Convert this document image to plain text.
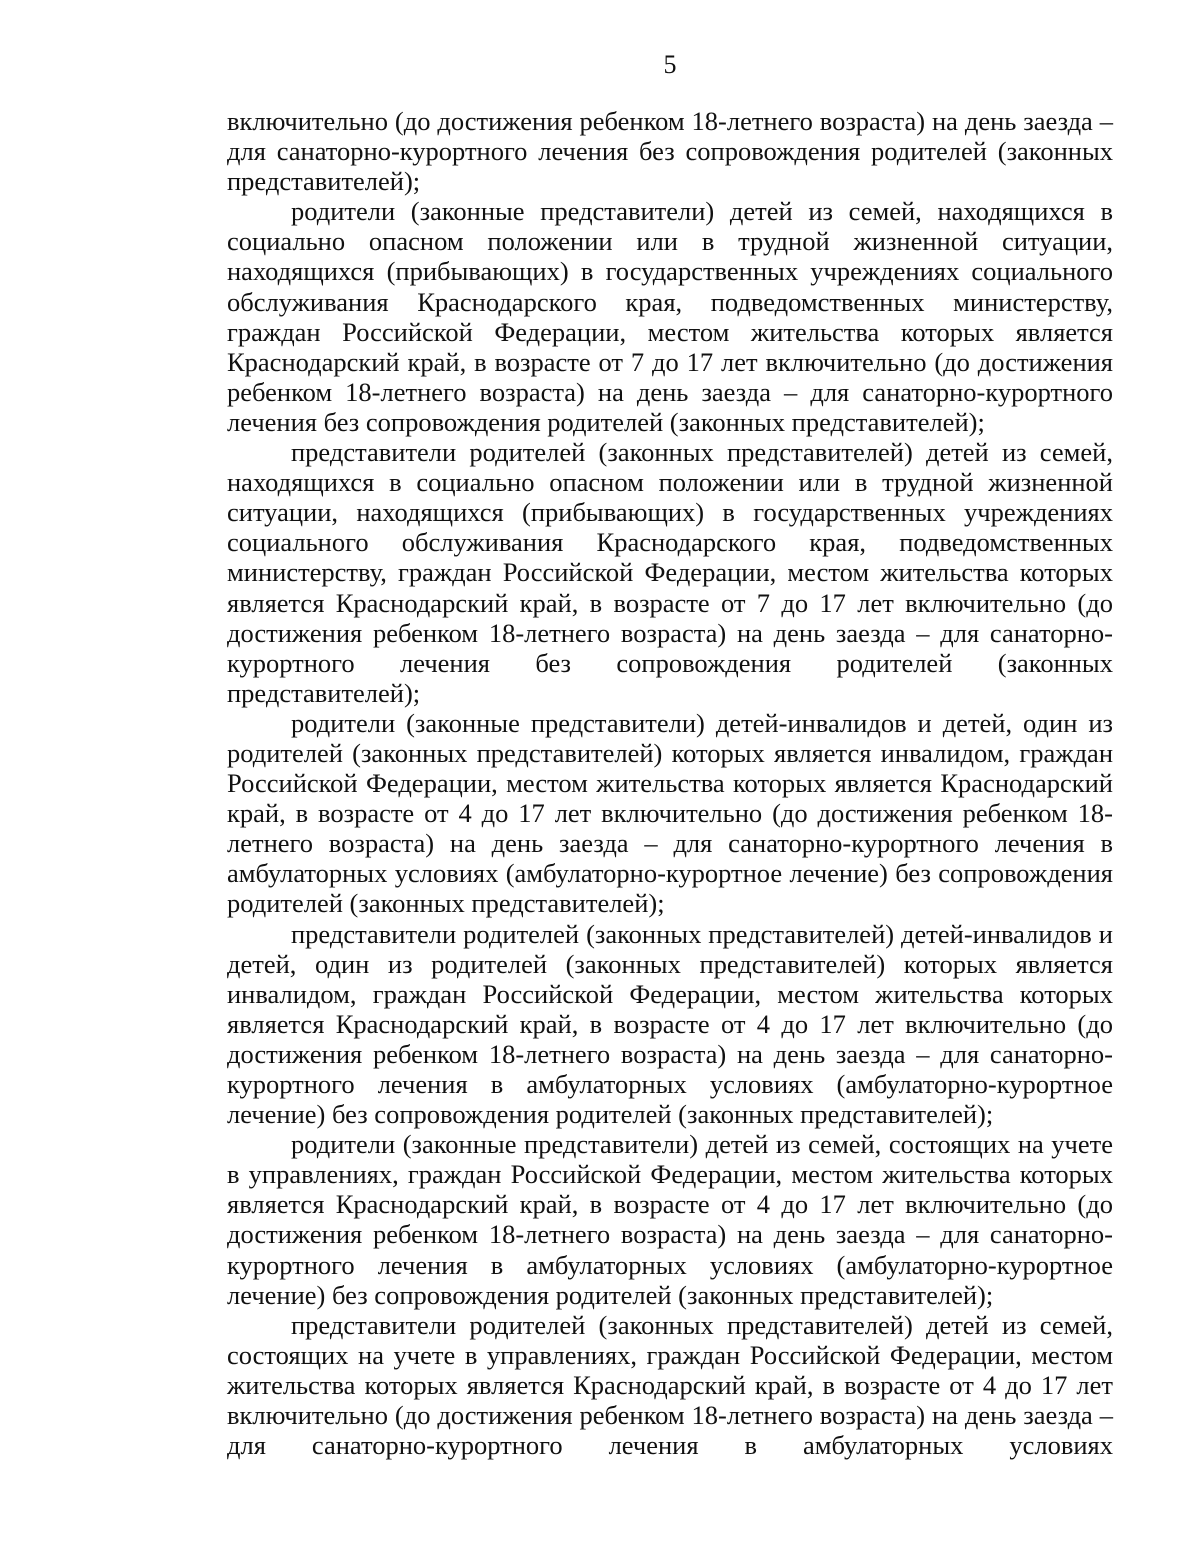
5

включительно (до достижения ребенком 18-летнего возраста) на день заезда – для санаторно-курортного лечения без сопровождения родителей (законных представителей);

родители (законные представители) детей из семей, находящихся в социально опасном положении или в трудной жизненной ситуации, находящихся (прибывающих) в государственных учреждениях социального обслуживания Краснодарского края, подведомственных министерству, граждан Российской Федерации, местом жительства которых является Краснодарский край, в возрасте от 7 до 17 лет включительно (до достижения ребенком 18-летнего возраста) на день заезда – для санаторно-курортного лечения без сопровождения родителей (законных представителей);

представители родителей (законных представителей) детей из семей, находящихся в социально опасном положении или в трудной жизненной ситуации, находящихся (прибывающих) в государственных учреждениях социального обслуживания Краснодарского края, подведомственных министерству, граждан Российской Федерации, местом жительства которых является Краснодарский край, в возрасте от 7 до 17 лет включительно (до достижения ребенком 18-летнего возраста) на день заезда – для санаторно-курортного лечения без сопровождения родителей (законных представителей);

родители (законные представители) детей-инвалидов и детей, один из родителей (законных представителей) которых является инвалидом, граждан Российской Федерации, местом жительства которых является Краснодарский край, в возрасте от 4 до 17 лет включительно (до достижения ребенком 18-летнего возраста) на день заезда – для санаторно-курортного лечения в амбулаторных условиях (амбулаторно-курортное лечение) без сопровождения родителей (законных представителей);

представители родителей (законных представителей) детей-инвалидов и детей, один из родителей (законных представителей) которых является инвалидом, граждан Российской Федерации, местом жительства которых является Краснодарский край, в возрасте от 4 до 17 лет включительно (до достижения ребенком 18-летнего возраста) на день заезда – для санаторно-курортного лечения в амбулаторных условиях (амбулаторно-курортное лечение) без сопровождения родителей (законных представителей);

родители (законные представители) детей из семей, состоящих на учете в управлениях, граждан Российской Федерации, местом жительства которых является Краснодарский край, в возрасте от 4 до 17 лет включительно (до достижения ребенком 18-летнего возраста) на день заезда – для санаторно-курортного лечения в амбулаторных условиях (амбулаторно-курортное лечение) без сопровождения родителей (законных представителей);

представители родителей (законных представителей) детей из семей, состоящих на учете в управлениях, граждан Российской Федерации, местом жительства которых является Краснодарский край, в возрасте от 4 до 17 лет включительно (до достижения ребенком 18-летнего возраста) на день заезда – для санаторно-курортного лечения в амбулаторных условиях
